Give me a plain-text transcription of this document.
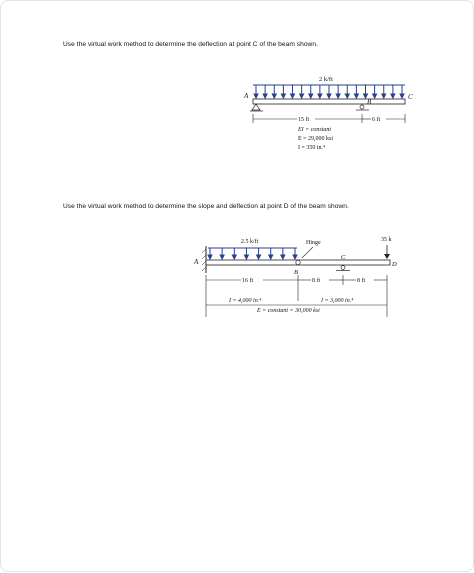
Use the virtual work method to determine the deflection at point C of the beam shown.
2 k/ft
A
B
C
15 ft	6 ft
EI = constant
E = 29,000 ksi
I = 350 in.⁴
Use the virtual work method to determine the slope and deflection at point D of the beam shown.
2.5 k/ft	Hinge	35 k
A
B
C
D
16 ft	8 ft	8 ft
I = 4,000 in.⁴	I = 3,000 in.⁴
E = constant = 30,000 ksi
